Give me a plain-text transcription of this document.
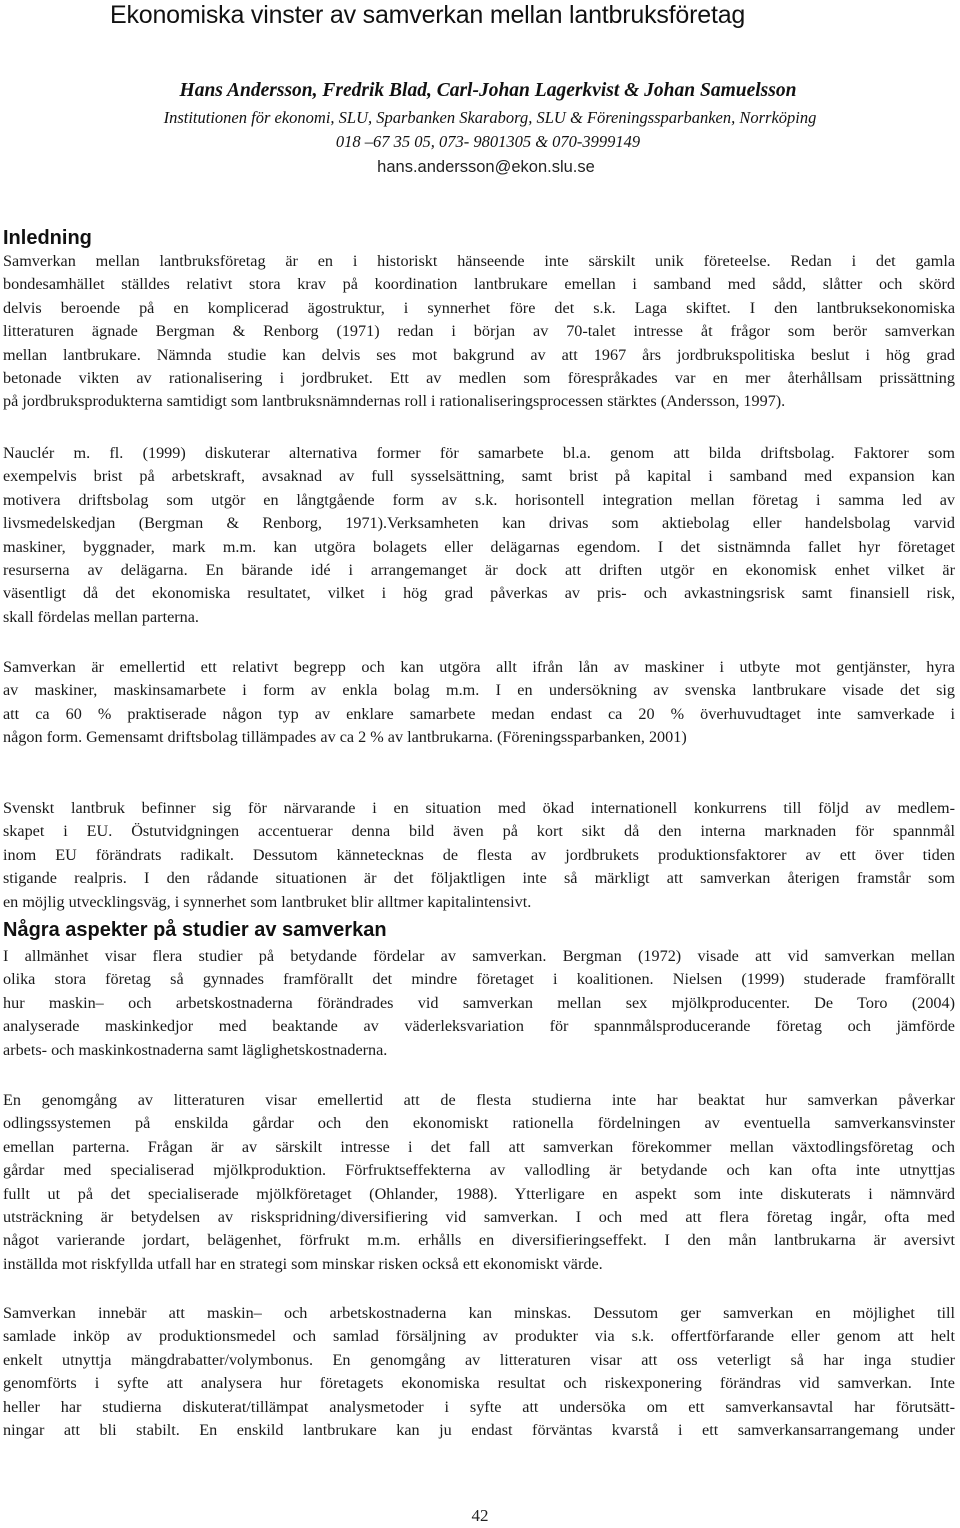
Ekonomiska vinster av samverkan mellan lantbruksföretag
Hans Andersson, Fredrik Blad, Carl-Johan Lagerkvist & Johan Samuelsson
Institutionen för ekonomi, SLU, Sparbanken Skaraborg, SLU & Föreningssparbanken, Norrköping
018 –67 35 05, 073- 9801305 & 070-3999149
hans.andersson@ekon.slu.se
Inledning
Samverkan mellan lantbruksföretag är en i historiskt hänseende inte särskilt unik företeelse. Redan i det gamla
bondesamhället ställdes relativt stora krav på koordination lantbrukare emellan i samband med sådd, slåtter och skörd
delvis beroende på en komplicerad ägostruktur, i synnerhet före det s.k. Laga skiftet. I den lantbruksekonomiska
litteraturen ägnade Bergman & Renborg (1971) redan i början av 70-talet intresse åt frågor som berör samverkan
mellan lantbrukare. Nämnda studie kan delvis ses mot bakgrund av att 1967 års jordbrukspolitiska beslut i hög grad
betonade vikten av rationalisering i jordbruket. Ett av medlen som förespråkades var en mer återhållsam prissättning
på jordbruksprodukterna samtidigt som lantbruksnämndernas roll i rationaliseringsprocessen stärktes (Andersson, 1997).
Nauclér m. fl. (1999) diskuterar alternativa former för samarbete bl.a. genom att bilda driftsbolag. Faktorer som
exempelvis brist på arbetskraft, avsaknad av full sysselsättning, samt brist på kapital i samband med expansion kan
motivera driftsbolag som utgör en långtgående form av s.k. horisontell integration mellan företag i samma led av
livsmedelskedjan (Bergman & Renborg, 1971).Verksamheten kan drivas som aktiebolag eller handelsbolag varvid
maskiner, byggnader, mark m.m. kan utgöra bolagets eller delägarnas egendom. I det sistnämnda fallet hyr företaget
resurserna av delägarna. En bärande idé i arrangemanget är dock att driften utgör en ekonomisk enhet vilket är
väsentligt då det ekonomiska resultatet, vilket i hög grad påverkas av pris- och avkastningsrisk samt finansiell risk,
skall fördelas mellan parterna.
Samverkan är emellertid ett relativt begrepp och kan utgöra allt ifrån lån av maskiner i utbyte mot gentjänster, hyra
av maskiner, maskinsamarbete i form av enkla bolag m.m. I en undersökning av svenska lantbrukare visade det sig
att ca 60 % praktiserade någon typ av enklare samarbete medan endast ca 20 % överhuvudtaget inte samverkade i
någon form. Gemensamt driftsbolag tillämpades av ca 2 % av lantbrukarna. (Föreningssparbanken, 2001)
Svenskt lantbruk befinner sig för närvarande i en situation med ökad internationell konkurrens till följd av medlem-
skapet i EU. Östutvidgningen accentuerar denna bild även på kort sikt då den interna marknaden för spannmål
inom EU förändrats radikalt. Dessutom kännetecknas de flesta av jordbrukets produktionsfaktorer av ett över tiden
stigande realpris. I den rådande situationen är det följaktligen inte så märkligt att samverkan återigen framstår som
en möjlig utvecklingsväg, i synnerhet som lantbruket blir alltmer kapitalintensivt.
Några aspekter på studier av samverkan
I allmänhet visar flera studier på betydande fördelar av samverkan. Bergman (1972) visade att vid samverkan mellan
olika stora företag så gynnades framförallt det mindre företaget i koalitionen. Nielsen (1999) studerade framförallt
hur maskin– och arbetskostnaderna förändrades vid samverkan mellan sex mjölkproducenter. De Toro (2004)
analyserade maskinkedjor med beaktande av väderleksvariation för spannmålsproducerande företag och jämförde
arbets- och maskinkostnaderna samt läglighetskostnaderna.
En genomgång av litteraturen visar emellertid att de flesta studierna inte har beaktat hur samverkan påverkar
odlingssystemen på enskilda gårdar och den ekonomiskt rationella fördelningen av eventuella samverkansvinster
emellan parterna. Frågan är av särskilt intresse i det fall att samverkan förekommer mellan växtodlingsföretag och
gårdar med specialiserad mjölkproduktion. Förfruktseffekterna av vallodling är betydande och kan ofta inte utnyttjas
fullt ut på det specialiserade mjölkföretaget (Ohlander, 1988). Ytterligare en aspekt som inte diskuterats i nämnvärd
utsträckning är betydelsen av riskspridning/diversifiering vid samverkan. I och med att flera företag ingår, ofta med
något varierande jordart, belägenhet, förfrukt m.m. erhålls en diversifieringseffekt. I den mån lantbrukarna är aversivt
inställda mot riskfyllda utfall har en strategi som minskar risken också ett ekonomiskt värde.
Samverkan innebär att maskin– och arbetskostnaderna kan minskas. Dessutom ger samverkan en möjlighet till
samlade inköp av produktionsmedel och samlad försäljning av produkter via s.k. offertförfarande eller genom att helt
enkelt utnyttja mängdrabatter/volymbonus. En genomgång av litteraturen visar att oss veterligt så har inga studier
genomförts i syfte att analysera hur företagets ekonomiska resultat och riskexponering förändras vid samverkan. Inte
heller har studierna diskuterat/tillämpat analysmetoder i syfte att undersöka om ett samverkansavtal har förutsätt-
ningar att bli stabilt. En enskild lantbrukare kan ju endast förväntas kvarstå i ett samverkansarrangemang under
42
